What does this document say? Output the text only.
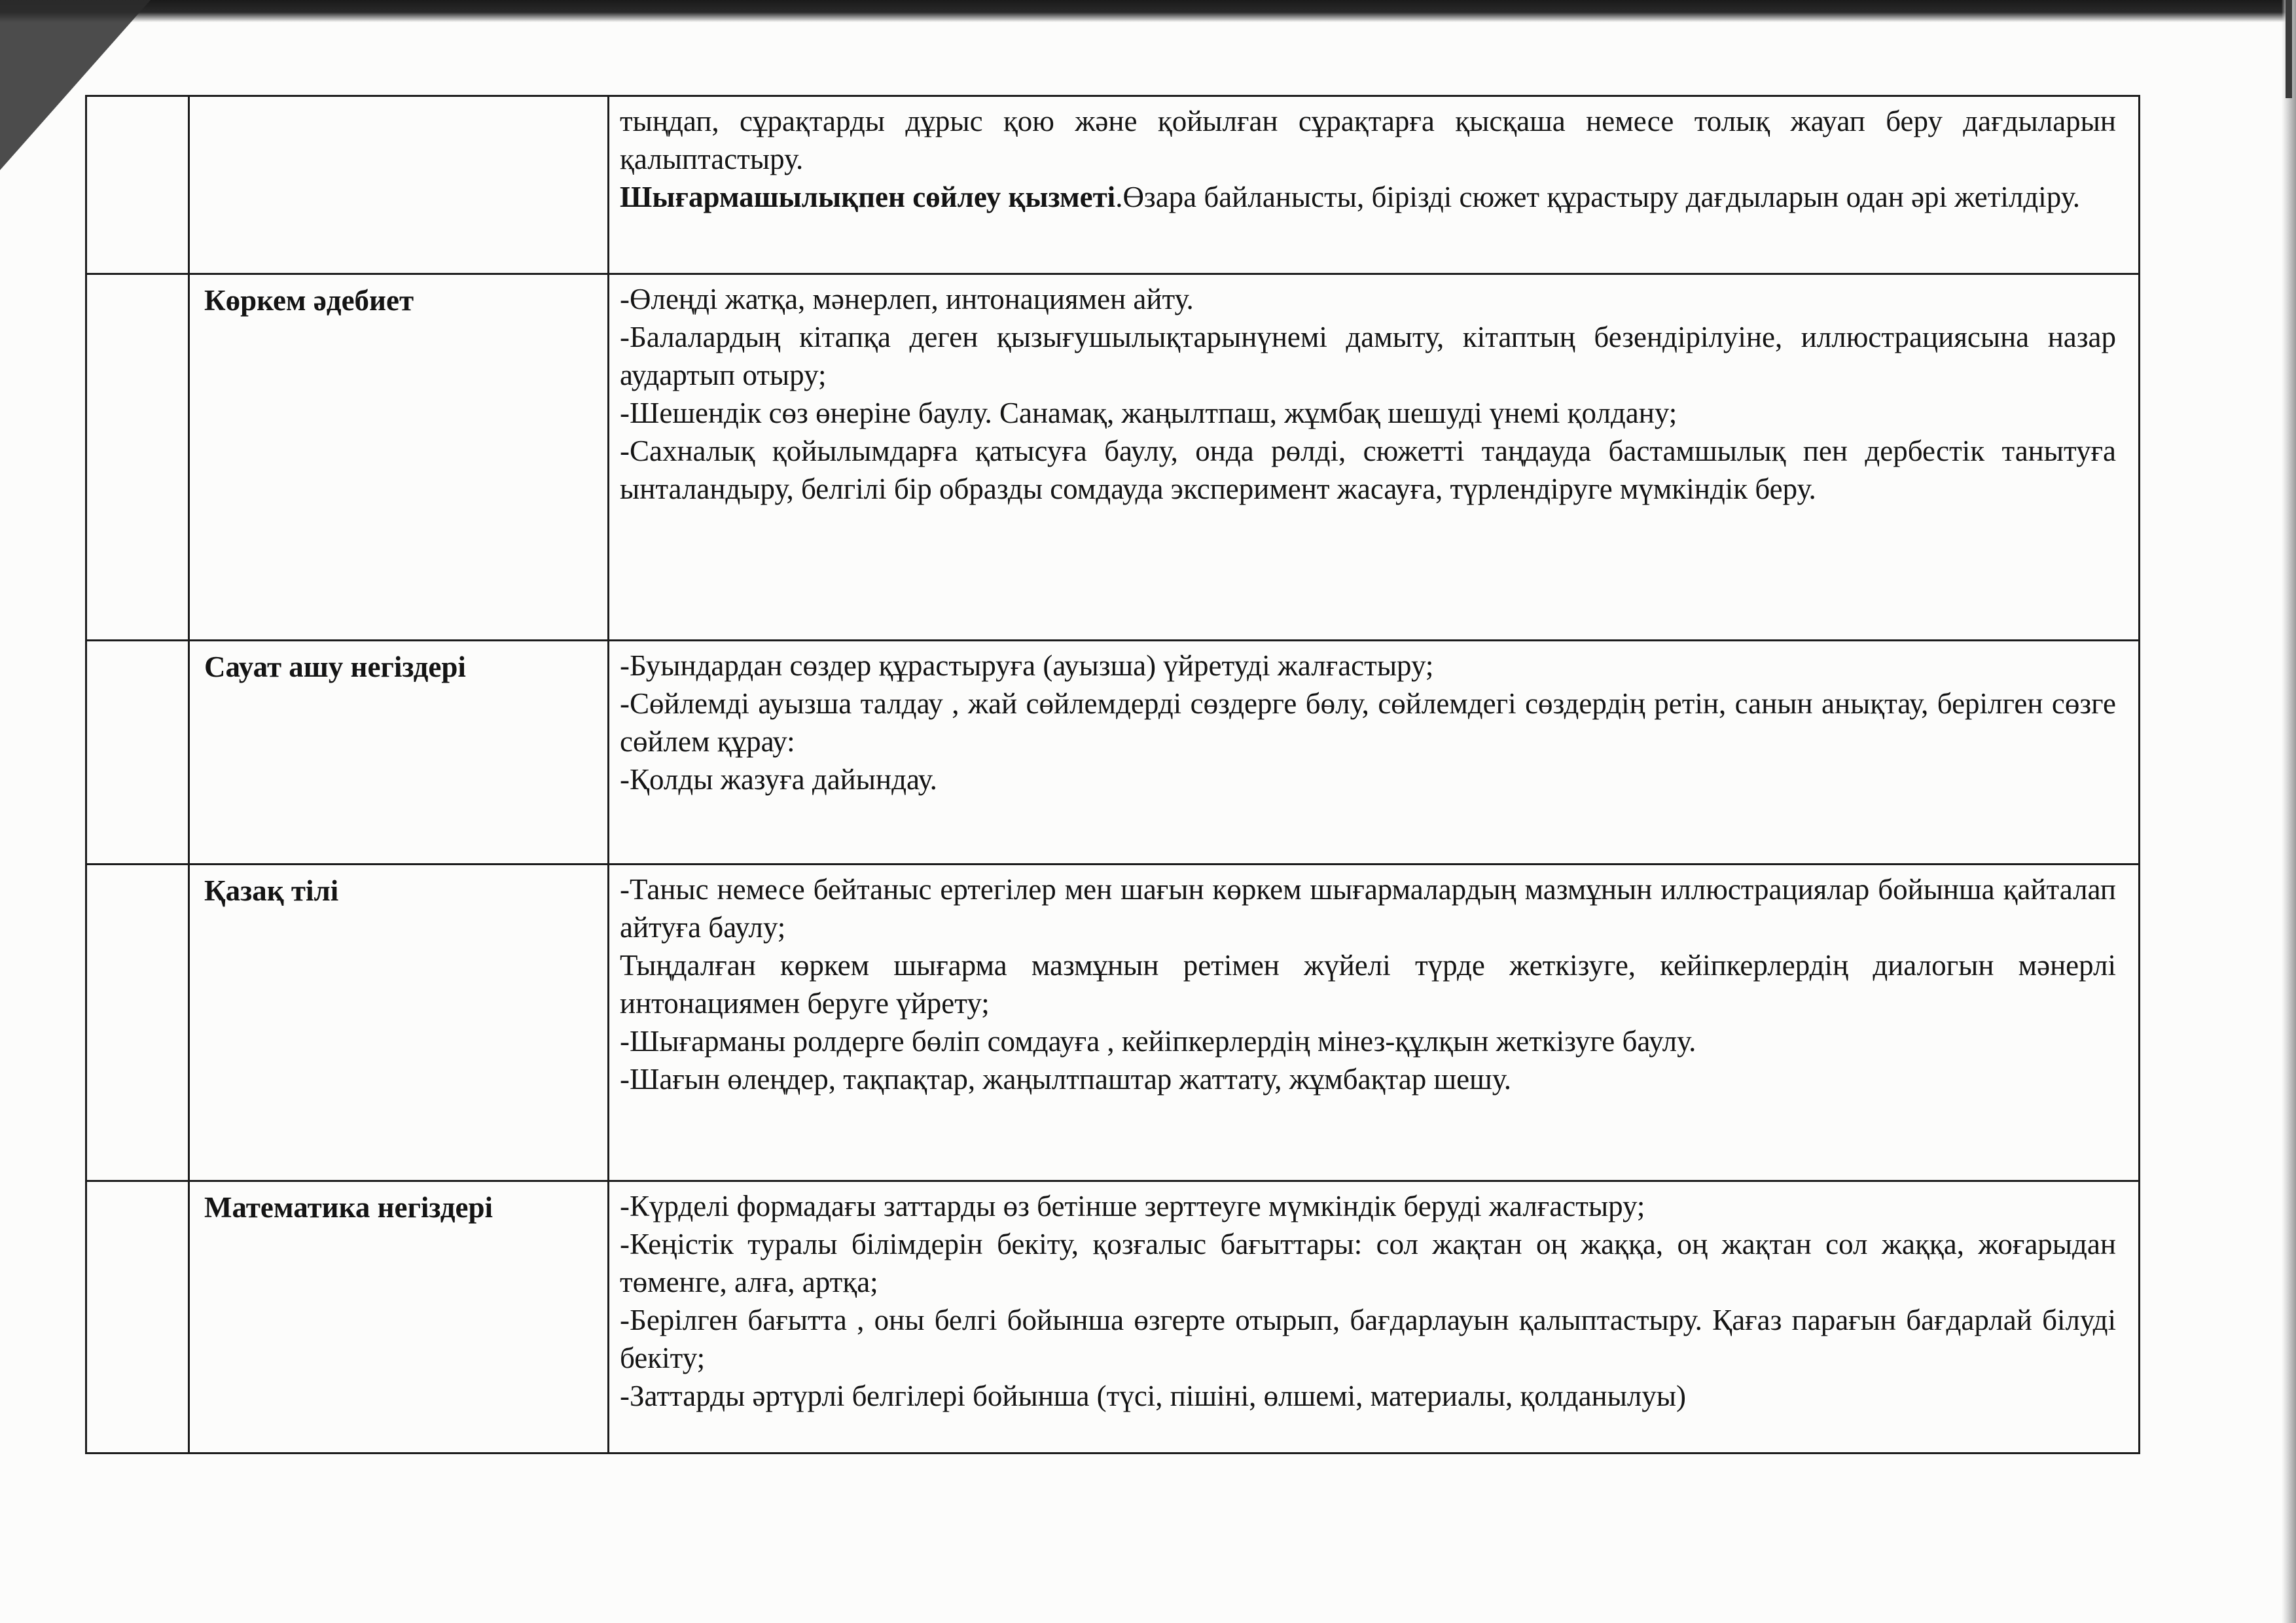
		тыңдап, сұрақтарды дұрыс қою және қойылған сұрақтарға қысқаша немесе толық жауап беру дағдыларын қалыптастыру.

Шығармашылықпен сөйлеу қызметі.Өзара байланысты, бірізді сюжет құрастыру дағдыларын одан әрі жетілдіру.

	Көркем әдебиет	-Өлеңді жатқа, мәнерлеп, интонациямен айту.

-Балалардың кітапқа деген қызығушылықтарынүнемі дамыту, кітаптың безендірілуіне, иллюстрациясына назар аудартып отыру;

-Шешендік сөз өнеріне баулу. Санамақ, жаңылтпаш, жұмбақ шешуді үнемі қолдану;

-Сахналық қойылымдарға қатысуға баулу, онда рөлді, сюжетті таңдауда бастамшылық пен дербестік танытуға ынталандыру, белгілі бір образды сомдауда эксперимент жасауға, түрлендіруге мүмкіндік беру.

	Сауат ашу негіздері	-Буындардан сөздер құрастыруға (ауызша) үйретуді жалғастыру;

-Сөйлемді ауызша талдау , жай сөйлемдерді сөздерге бөлу, сөйлемдегі сөздердің ретін, санын анықтау, берілген сөзге сөйлем құрау:

-Қолды жазуға дайындау.

	Қазақ тілі	-Таныс немесе бейтаныс ертегілер мен шағын көркем шығармалардың мазмұнын иллюстрациялар бойынша қайталап айтуға баулу;

Тыңдалған көркем шығарма мазмұнын ретімен жүйелі түрде жеткізуге, кейіпкерлердің диалогын мәнерлі интонациямен беруге үйрету;

-Шығарманы ролдерге бөліп сомдауға , кейіпкерлердің мінез-құлқын жеткізуге баулу.

-Шағын өлеңдер, тақпақтар, жаңылтпаштар жаттату, жұмбақтар шешу.

	Математика негіздері	-Күрделі формадағы заттарды өз бетінше зерттеуге мүмкіндік беруді жалғастыру;

-Кеңістік туралы білімдерін бекіту, қозғалыс бағыттары: сол жақтан оң жаққа, оң жақтан сол жаққа, жоғарыдан төменге, алға, артқа;

-Берілген бағытта , оны белгі бойынша өзгерте отырып, бағдарлауын қалыптастыру. Қағаз парағын бағдарлай білуді бекіту;

-Заттарды әртүрлі белгілері бойынша (түсі, пішіні, өлшемі, материалы, қолданылуы)
